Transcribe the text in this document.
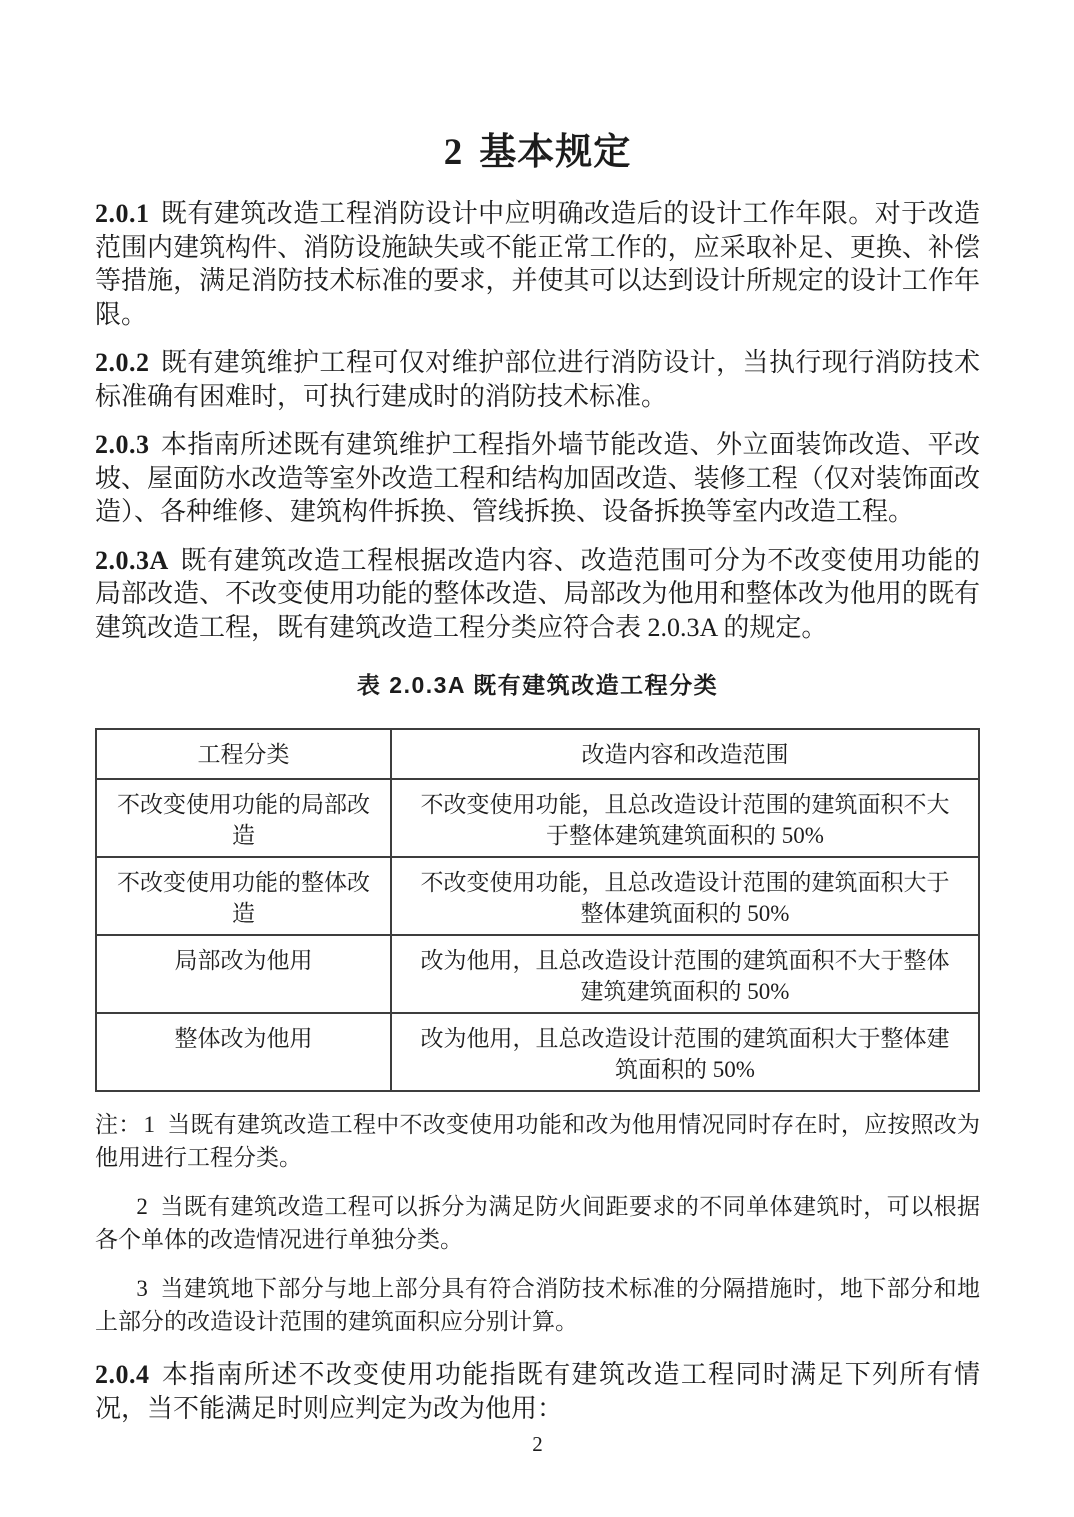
2 基本规定

2.0.1 既有建筑改造工程消防设计中应明确改造后的设计工作年限。对于改造范围内建筑构件、消防设施缺失或不能正常工作的，应采取补足、更换、补偿等措施，满足消防技术标准的要求，并使其可以达到设计所规定的设计工作年限。

2.0.2 既有建筑维护工程可仅对维护部位进行消防设计，当执行现行消防技术标准确有困难时，可执行建成时的消防技术标准。

2.0.3 本指南所述既有建筑维护工程指外墙节能改造、外立面装饰改造、平改坡、屋面防水改造等室外改造工程和结构加固改造、装修工程（仅对装饰面改造）、各种维修、建筑构件拆换、管线拆换、设备拆换等室内改造工程。

2.0.3A 既有建筑改造工程根据改造内容、改造范围可分为不改变使用功能的局部改造、不改变使用功能的整体改造、局部改为他用和整体改为他用的既有建筑改造工程，既有建筑改造工程分类应符合表 2.0.3A 的规定。

表 2.0.3A 既有建筑改造工程分类
工程分类	改造内容和改造范围
不改变使用功能的局部改造	不改变使用功能，且总改造设计范围的建筑面积不大于整体建筑建筑面积的 50%
不改变使用功能的整体改造	不改变使用功能，且总改造设计范围的建筑面积大于整体建筑面积的 50%
局部改为他用	改为他用，且总改造设计范围的建筑面积不大于整体建筑建筑面积的 50%
整体改为他用	改为他用，且总改造设计范围的建筑面积大于整体建筑面积的 50%

注：1 当既有建筑改造工程中不改变使用功能和改为他用情况同时存在时，应按照改为他用进行工程分类。

2 当既有建筑改造工程可以拆分为满足防火间距要求的不同单体建筑时，可以根据各个单体的改造情况进行单独分类。

3 当建筑地下部分与地上部分具有符合消防技术标准的分隔措施时，地下部分和地上部分的改造设计范围的建筑面积应分别计算。

2.0.4 本指南所述不改变使用功能指既有建筑改造工程同时满足下列所有情况，当不能满足时则应判定为改为他用：

2
